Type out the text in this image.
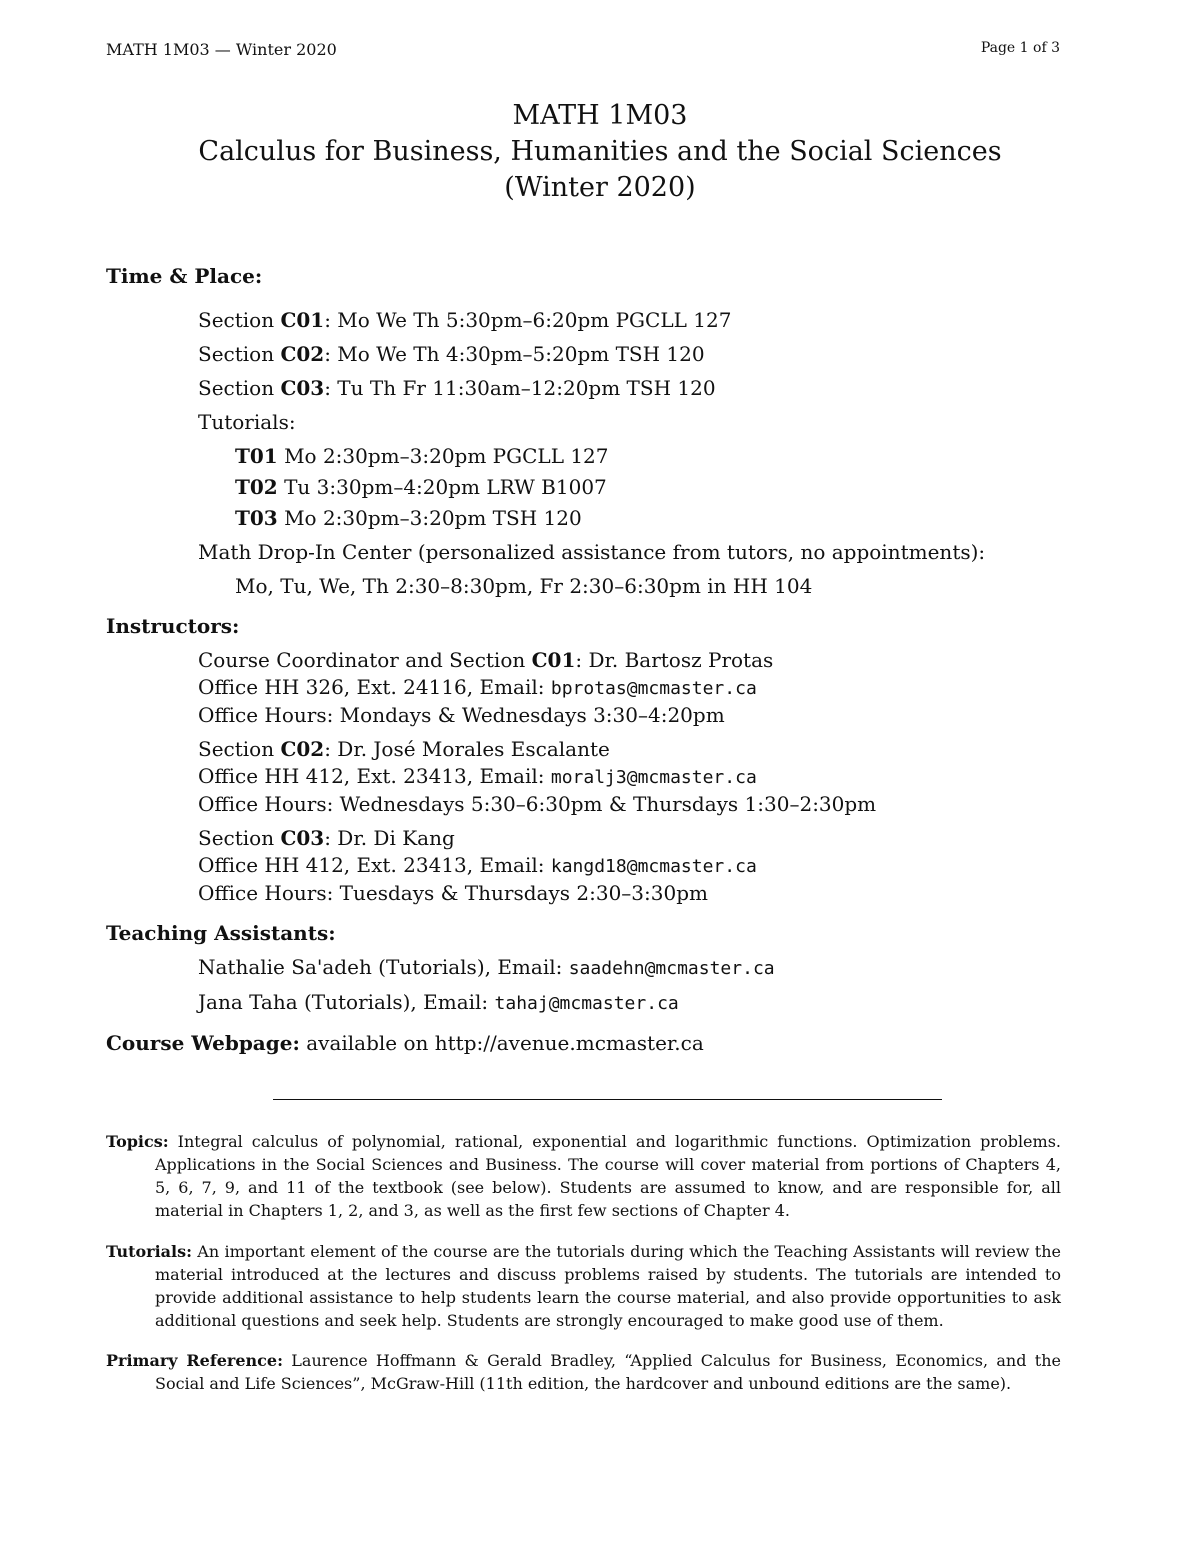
MATH 1M03 — Winter 2020	Page 1 of 3
MATH 1M03
Calculus for Business, Humanities and the Social Sciences
(Winter 2020)
Time & Place:
Section C01: Mo We Th 5:30pm–6:20pm PGCLL 127
Section C02: Mo We Th 4:30pm–5:20pm TSH 120
Section C03: Tu Th Fr 11:30am–12:20pm TSH 120
Tutorials:
T01 Mo 2:30pm–3:20pm PGCLL 127
T02 Tu 3:30pm–4:20pm LRW B1007
T03 Mo 2:30pm–3:20pm TSH 120
Math Drop-In Center (personalized assistance from tutors, no appointments):
Mo, Tu, We, Th 2:30–8:30pm, Fr 2:30–6:30pm in HH 104
Instructors:
Course Coordinator and Section C01: Dr. Bartosz Protas
Office HH 326, Ext. 24116, Email: bprotas@mcmaster.ca
Office Hours: Mondays & Wednesdays 3:30–4:20pm
Section C02: Dr. José Morales Escalante
Office HH 412, Ext. 23413, Email: moralj3@mcmaster.ca
Office Hours: Wednesdays 5:30–6:30pm & Thursdays 1:30–2:30pm
Section C03: Dr. Di Kang
Office HH 412, Ext. 23413, Email: kangd18@mcmaster.ca
Office Hours: Tuesdays & Thursdays 2:30–3:30pm
Teaching Assistants:
Nathalie Sa'adeh (Tutorials), Email: saadehn@mcmaster.ca
Jana Taha (Tutorials), Email: tahaj@mcmaster.ca
Course Webpage: available on http://avenue.mcmaster.ca
Topics: Integral calculus of polynomial, rational, exponential and logarithmic functions. Optimization problems. Applications in the Social Sciences and Business. The course will cover material from portions of Chapters 4, 5, 6, 7, 9, and 11 of the textbook (see below). Students are assumed to know, and are responsible for, all material in Chapters 1, 2, and 3, as well as the first few sections of Chapter 4.
Tutorials: An important element of the course are the tutorials during which the Teaching Assistants will review the material introduced at the lectures and discuss problems raised by students. The tutorials are intended to provide additional assistance to help students learn the course material, and also provide opportunities to ask additional questions and seek help. Students are strongly encouraged to make good use of them.
Primary Reference: Laurence Hoffmann & Gerald Bradley, “Applied Calculus for Business, Economics, and the Social and Life Sciences”, McGraw-Hill (11th edition, the hardcover and unbound editions are the same).
